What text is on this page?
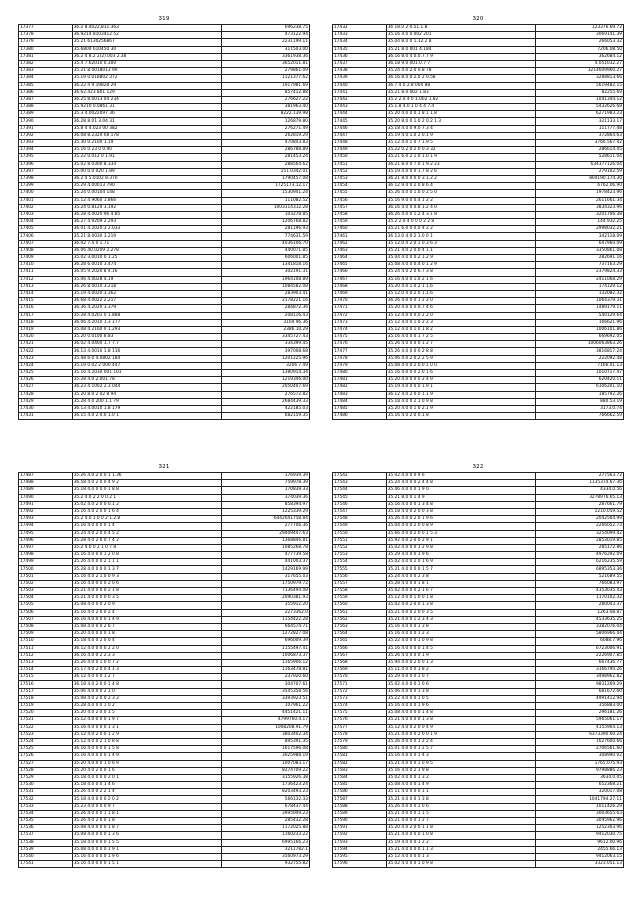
319
17377	36.2 8.4022,811 363	696238.75
17378	36.9214 8103412 52	473122.94
17379	35.21 6130256867	2231199.11
17380	35.6804 610450 30	311503.00
17381	36.2 4 8.2 2(2).003 2.38	3361938.36
17382	35.4 7.62010 0.300	3652011.81
17383	35.21 8.0018013 90	279861.09
17384	35.19 0.018802 372	1121377.62
17385	36.22 4 9.19828 29	1917981.69
17386	36.62.423 801 129	857412.88
17387	36.25 8.0013 04 234	276627.22
17388	35.9210 0.0861 31	381963.40
17389	35.3 4.0022097 36	8222.139.98
17390	36.28 8.01 3.04 31	126879.80
17391	35.8 4 4.023 00 382	276271.49
17392	36.08 8.2320 08 178	262819.29
17393	35.30 0.2100 1.19	470843.83
17394	35.16 0.23 0 0.90	286788.89
17395	35.22 0.012 0 1.91	281453.24
17396	35.02 8.0300 8.334	288564.62
17397	35.00 0.0 020 1.89	151.0342.01
17398	36.2 4 5.0102 8.370	1790457.08
17399	35.29 4.00013 790	1725173.12.17
17400	35.24 0.00104 148	1530941.24
17401	35.12 4.9060 1.866	111082.52
17402	35.24 0.8120 3.192	1003114312.28
17403	36.28 4.0020 96 4.85	103278.85
17404	36.27 4.9209 2.293	1206768.82
17405	36.01 4.2020 3 2.033	281196.93
17406	35.21 8.0030 3.219	774631.59
17407	36.02 7.4 0 1.71	4036106.70
17408	36.06 40.0209 2.278	440071.85
17409	35.02 3.0010 0 1.25	606001.85
17410	36.28 6.0010 3.474	1341818.16
17411	36.05 9.2020 8 4.16	302191.31
17412	35.06 4.0028 4.19	1964108.89
17413	36.26 8.0010 3.218	1084582.08
17414	35.19 4.0020 3.362	283903.41
17415	36.68 4.0022 2.217	2178221.16
17416	36.36 4.2020 3.379	284872.36
17417	35.28 4.0201 0 1.888	208116.43
17418	36.06 4.2010 1.3 177	3104 96.36
17419	35.08 4.2160 0 1.293	2386.10.29
17420	35.20 0.0100 8.83	3345727.43
17421	36.02 4.0400 1.7 7.7	334399.45
17422	36.13 4.0010 1.8 116	397008.68
17423	35.48 6.0 4.0802 184	1201225.96
17424	35.19 0.02 2 000 447	3206 7.49
17425	35.16 4.2030 001 101	1380914.34
17426	35.28 4.0 2.001 78	1219346.00
17427	36.23 4.1002 2.3 044	2050407.69
17428	35.20 8.0 2 02 8 94	276572.82
17429	35.28 4.0 200 1.1 79	2684439.33
17430	36.13 4.0010 1.8 179	422185.03
17431	36.15 4.0 2 0.0 1.0 1	682159.35
320
17432	36 18.0 2 0.51.1.8	123376.69.72
17433	35.16 4.0 0 002 201	3069141.39
17434	35.04 8.0 0 1.12.2 8	266053.32
17435	35.21 8.0 001 4.184	7206.08.50
17436	36.16 8.0 4 0.0.7.7 9	362684.12
17437	36.18 9.0 001.0.7 7	4.051032.27
17438	35.24 4.0 2.0 0.8 78	3214609960.27
17439	36.16 8.0 0 2.0 2 0.58	3288813.66
17440	36.7 4.0 2.8 004 88	5619482.15
17441	35.21 8.0 002 1.83	82255.69
17442	35.2 2.0 4 0 1.002 1.82	1041344.12
17443	35.1.8 4.0 1 0 4 4 7.4	5432626.68
17444	35.20 4.0 0 0.1 8 1 1.8	6271983.23
17445	35.20 8.0 0 1.0 2 0.2 1.3	321133.17
17446	35.18 4.0 0 9.0 7.3 4	111777.48
17447	35.19 4.0 1.0 2 0.1 9	372864.63
17448	35 12 4.0 1 0 7 1.9 5	3766.567.42
17449	35.22 0.2 0 2 0 0.3 32	286614.45
17450	35.21 6.0 2 1 0 1.0 1 9	528611.04
17451	36.21 8.0 0 7 0 1 9.2 23	634377126.04
17452	35.19 4.0 0 0 1.7 8 2 6	279102.59
17453	36.21 8.0 0 0 0 3 1.2 2	804190.174.30
17454	36 12 9.4 0 2 0 8 6 4	6762.06.90
17455	35.26 4.0 0 1.0 0 2 5 0	1978423.96
17456	35.16 9.0 0 0.4 1 2 2	2611661.34
17457	36.16 4.0 0 0.8 1.2 4 0	3834323.96
17458	36.26 4.0 0 1.2 4 3.1 8	3201706.38
17459	35.2 2.0 4 0 0 0 2 2 8	144.932.25
17460	35.21 6.0 0 0.0 4 2 2	2998032.21
17461	36 13.0 4 0 2 1.0 0 1	342118.09
17462	35 12.0 4 2 0 1 0.3 6 3	647960.09
17463	35.21 4.0 2 0.0 4 1.1	3350861.08
17464	35.04 4.0 0 0.2 1.2 9	282691.16
17465	35.08 4.0 0 0.4 0 1 2 9	737163.29
17466	35.24 4.0 2 0 6.7 3 8	2379824.33
17467	35.16 4.0 0 1.0 2 1 6	2411068.29
17468	35.20 4.0 1.0 2 1 1.6	174129.12
17469	35 12.0 4 0 2 0 1.1.6	132082.32
17470	36.26 4.0 0 0 1 2 2 0	1064379.31
17471	35.20 4.0 0 0 0.7 4 6	1489179.11
17472	35 12 4.0 0 0.0 2 2 0	540129.64
17473	35 12 4.0 0 1 0 2 2 3	166621.96
17474	35.12 4.0 0 1 0 1 8 2	1006101.86
17475	35.16 4.0 0 0 1 7 2 5	669692.05
17476	35.26 4.0 0 0 0 1 2 7	1006063863.26
17477	35.26 4.0 0 0 0 2 8 8	3816817.24
17478	35.06 4.0 2 0.2 2 5 9	222092.48
17479	35.08 4.0 0 2 0.0 1 0 0	7166.01.13
17480	35.16 4.0 0 0 2.0 1 6	1010717.47
17481	35.20 4.0 0 0 0 2 4 9	620420.11
17482	35.19 4.0 0 0 0 1.9 1	6106201.10
17483	36.12 4.0 2 0 0 1.1 9	185792.26
17484	35.18 4.0 0 2 1 0 9 8	880.53.19
17485	35.20 4.0 0 1 0 2.1 9	3173.0.74
17486	35.16 4.0 2 0 0.1 8	766662.59
321
17487	35.26 4.0 2 0 0 1 1.36	176939.39
17488	36.58 4.0 2 0 0 4 9 2	759978.39
17489	35.18 4.0 0 0 0 1 8 8	170839.33
17490	35.2 4.0 2 2 0 0.2 1	374039.36
17491	35.02 4.0 2 0 0 0.1 2	858394.97
17492	35.16 4.0 2 0 0 1 6 4	1225339.29
17493	35.2 4.0 1 0 0 2 1.2 8	6442041758.84
17494	35.16 4.0 0 0 0 1 4	277706.36
17495	35.24 4.0 2 0 0 4 5 2	29409447.63
17496	35.28 4.0 2 0 0 7 4 2	1368846.81
17497	35.2 4.0 0 2 1 0 7 8	1085268.78
17498	35.16 4.0 0 0 1 2 0 8	477739.58
17499	35.26 4.0 0 0 2 1 1 1	441003.37
17500	35.28 4.0 0 0 0 1 3 7	1429169.99
17501	35.16 4.0 2 1 0 0 9 3	317655.03
17502	35.16 4.0 0 0 0 2 0 6	1750979.72
17503	35.21 4.0 0 0 0 2 1 8	7136494.08
17504	35.21 4.0 0 0 0 0 3 5	2090381.93
17505	35.08 4.0 0 0 2 0 9	355912.20
17506	35.16 4.0 2 0 0 2 4	2273362.0
17507	36.16 4.0 0 0 0 1 4 9	1154422.28
17508	35.08 4.0 0 0 2 6 7	664574.71
17509	35.20 4.0 0 0 0 1 8	1272827.08
17510	35.18 4.0 0 2 0 0 4	696009.39
17511	36.12 4.0 0 0 0 2 2 0	1155497.41
17512	36.16 4.0 0 2 2.3 3	1006873.37
17513	35.26 4.0 0 1 0 0 7 2	1165906.12
17514	35.17 4.0 2 0 0 4 1 3	1163478.81
17515	36.12 4.0 0 0 1 2 7	237920.60
17516	36.18 4.0 2 0 0 1 4 8	304707.61
17517	35.06 4.0 0 0 2 1 0	3545358.56
17518	35.08 4.0 2 0 0 2 3 2	3393923.51
17519	35.28 4.0 0 0 1 0 2	107961.22
17520	35.20 4.0 2 0 0 1 5	4451421.11
17521	35.12 4.0 0 0 0 1 9 7	4799760.4.17
17522	35.16 4.0 0 0 0 1 3 1	1008208.91.79
17523	35.12 4.0 2 0 0 1 2 9	3803402.34
17524	35.12 4.0 0 2 1 0 8 8	895391.35
17525	36.16 4.0 0 0 0 1 5 8	1617596.08
17526	35.16 4.0 0 0 0 1 4 9	3025988.19
17527	35.20 4.0 0 0 1 0 6 9	1007083.17
17528	35.20 4.0 2 0 0 1 6	8274709.22
17529	35.18 4.0 0 0 0 2 0 1	3155926.38
17530	35.18 4.0 0 0 1 4 6	1736423.24
17531	35.26 4.0 0 2 2 1 4	8203493.23
17532	35.18 4.0 0 0 0 2 0 2	566132.33
17533	35.23 4.0 0 0 0 9 7	678437.44
17534	35.26 4.0 0 0 1 1 8 1	3995949.23
17535	35.26 4.0 2 0 0 1 8	285432.28
17536	35.08 4.0 0 0 0 1 8 7	1172025.88
17537	35.08 4.0 0 0 0 1 3 6	1160233.22
17538	35.18 4.0 0 0 0 1 5 5	6995166.23
17539	35.08 4.0 0 0 0 1 9 1	3211782.1
17540	35.16 4.0 0 0 0 1 9 6	3560973.29
17541	35.16 4.0 0 0 0 1 5 1	932755.82
322
17542	35 02 4.0 0 0 9 6	277563.72
17543	35.24 4.0 0 0 2 4 4 8	1135374.67.36
17544	35.46 4.0 0 0 1 9 0	4334.0.56
17545	35.21 8.0 0 1 4 9	3278976.65.13
17546	35.16 4.0 0 0 1 3 4 8	287661.79
17547	35.18 4.0 0 2 0 0 3 8	1210.059.52
17548	35.26 4.0 0 2 0 1 9 6	2042564.99
17549	35.04 4.0 0 2 0 0 8 9	2266052.73
17550	35.66 4.0 0 2 0 0 1 5 3	3254099.42
17551	35.92 4.0 2 0 0 2 9 1	2853019.85
17552	35.02 4.0 0 0 1 2 9 8	285172.86
17553	35.29 4.0 0 0 1 9 6	4976292.09
17554	35.02 4.0 0 2 0 1 6 9	6216235.59
17555	35.21 4.0 0 0 0 1 5 7	6895353.36
17556	35.24 4.0 0 0 2 3 8	521689.55
17557	35.28 4.0 0 0 1 8 1	766083.97
17558	35.02 4.0 0 0 2 1 6 7	4353035.43
17559	35.12 4.0 0 1 0 0 1 8	1170102.32
17560	35.02 4.0 2 0 0 1 3 8	280043.37
17561	35.21 4.0 0 2 0 0 3 5	1263.08.87
17562	35.21 4.0 0 1 2 3 4 3	4533635.25
17563	35.16 4.0 0 0 1 3 8	3382076.04
17564	35.16 4.0 0 0 1 2 3	5806966.44
17565	35.22 4.0 0 0 1 0 9 8	6088.7.96
17566	35.16 4.0 0 0 0 1 4 5	6723006.91
17567	35.26 4.0 0 0 0 1 9	2226907.85
17568	35.94 4.0 0 2 0 0 1 3	667436.77
17569	35 11.4 0 0 0 1 8 2	3166790.26
17570	35 29 4.0 0 0 1 0 7	3498962.82
17571	35.02 4.0 0 0 1 0 6	9831269.29
17572	35.06 4.0 0 0 1 3 8	681672.60
17573	35.22 4.0 0 0 1 0 5	4991412.94
17574	35.16 4.0 0 0 1 9 6	356883.00
17575	35.08 4.0 0 0 0 1 4 8	296181.26
17576	35.21 4.0 0 0 0 1 3 8	5965061.17
17577	35.12 4.0 0 2 0 0 4 9	4155904.13
17578	35.21 4.0 0 0 2 0 0 1 9	6373390.60.24
17579	35.26 4.0 0 0 1 2 2 4	1627600.66
17580	35.01 4.0 0 0 1 2 5 7	2706561.60
17581	35.16 4.0 0 0 1 4 3	308990.02
17582	35.21 4.0 0 0 1 0 9 5	1765.075.93
17583	35 16 4.0 0 2 1 9 8	9798886.23
17584	35.02 4.0 0 0 1 3 2	3634.0.05
17585	35.08 4.0 0 0 1 4 9	652368.21
17586	35 11 4.0 0 0 0 1 1	320017.08
17587	35.21 4.0 0 0 1 3 8	1041794.27.11
17588	35.26 4.0 0 0 1 0 6	1011426.29
17589	35.21 4.0 0 0 1 1 5	3003655.63
17590	35.21 4.0 0 0 1 2 7	3045962.96
17591	35.20 4.0 2 0 0 1 1 8	1252303.96
17592	35.21 4.0 0 0 0 1 0 8	9412030.75
17593	35 19 4.0 0 0 1 2 2	9612.00.96
17594	35.21 4.0 0 0 0 1 1 3	2455.66.13
17595	35 12 4.0 0 0 0 1 3	9412063.15
17596	35.02 4.0 0 0 1 0 9 8	3323.051.13
